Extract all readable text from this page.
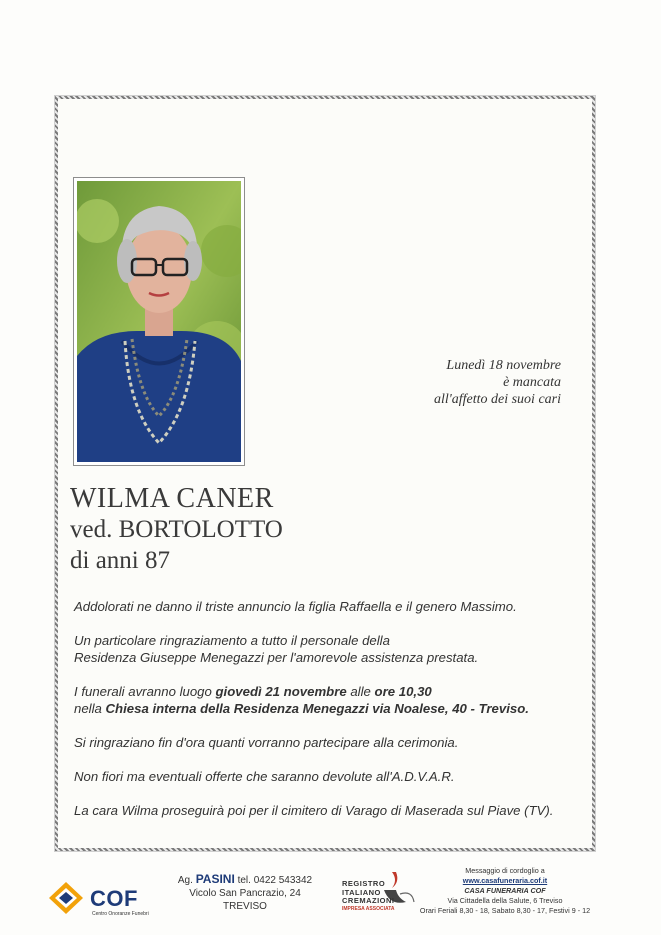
Lunedì 18 novembre
è mancata
all'affetto dei suoi cari
WILMA CANER
ved. BORTOLOTTO
di anni 87

Addolorati ne danno il triste annuncio la figlia Raffaella e il genero Massimo.

Un particolare ringraziamento a tutto il personale della

Residenza Giuseppe Menegazzi per l'amorevole assistenza prestata.

I funerali avranno luogo giovedì 21 novembre alle ore 10,30

nella Chiesa interna della Residenza Menegazzi via Noalese, 40 - Treviso.

Si ringraziano fin d'ora quanti vorranno partecipare alla cerimonia.

Non fiori ma eventuali offerte che saranno devolute all'A.D.V.A.R.

La cara Wilma proseguirà poi per il cimitero di Varago di Maserada sul Piave (TV).

COF
Centro Onoranze Funebri
Ag. PASINI tel. 0422 543342
Vicolo San Pancrazio, 24
TREVISO
REGISTRO
ITALIANO
CREMAZIONI
IMPRESA ASSOCIATA
Messaggio di cordoglio a
www.casafuneraria.cof.it
CASA FUNERARIA COF
Via Cittadella della Salute, 6 Treviso
Orari Feriali 8,30 - 18, Sabato 8,30 - 17, Festivi 9 - 12
